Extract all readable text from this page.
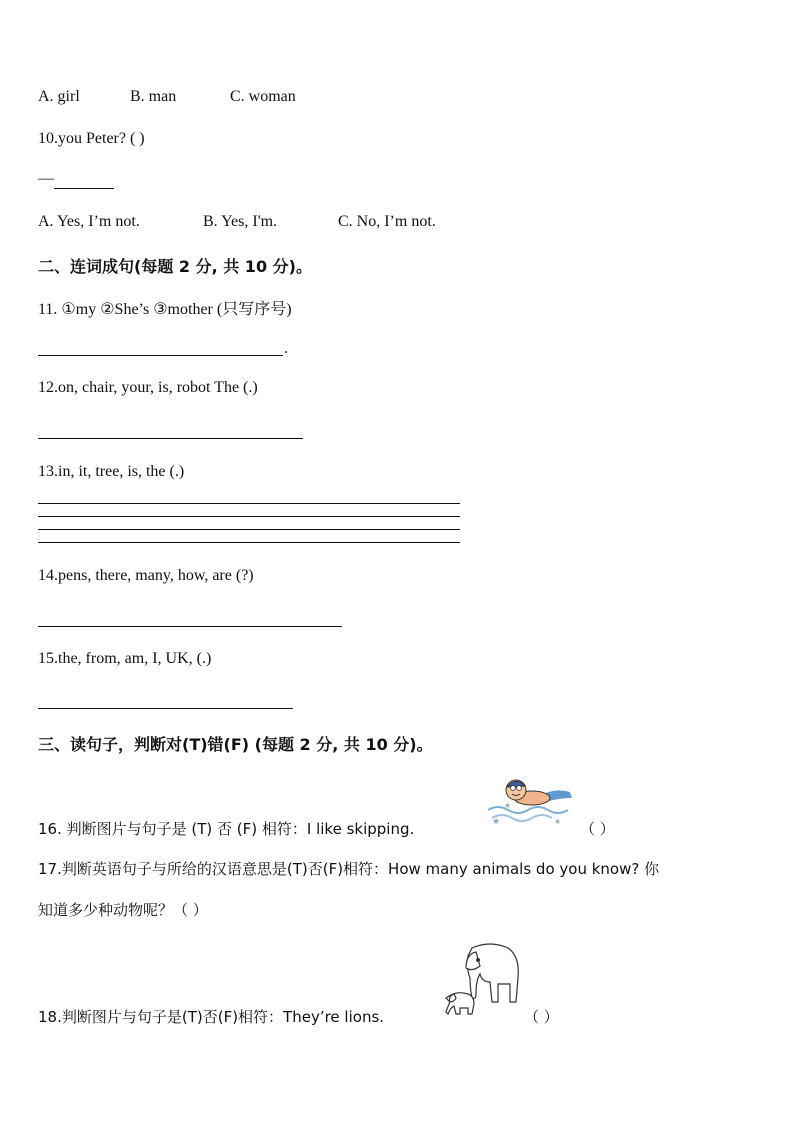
A. girl	B. man	C. woman
10.you Peter? ( )
—
A. Yes, I’m not.	B. Yes, I'm.	C. No, I’m not.
二、连词成句(每题 2 分, 共 10 分)。
11. ①my ②She’s ③mother (只写序号)
.
12.on, chair, your, is, robot The (.)
13.in, it, tree, is, the (.)
14.pens, there, many, how, are (?)
15.the, from, am, I, UK, (.)
三、读句子，判断对(T)错(F) (每题 2 分, 共 10 分)。
★
★
★
16. 判断图片与句子是 (T) 否 (F) 相符：I like skipping.	（ ）
17.判断英语句子与所给的汉语意思是(T)否(F)相符：How many animals do you know? 你
知道多少种动物呢？（ ）
18.判断图片与句子是(T)否(F)相符：They’re lions.	（ ）
